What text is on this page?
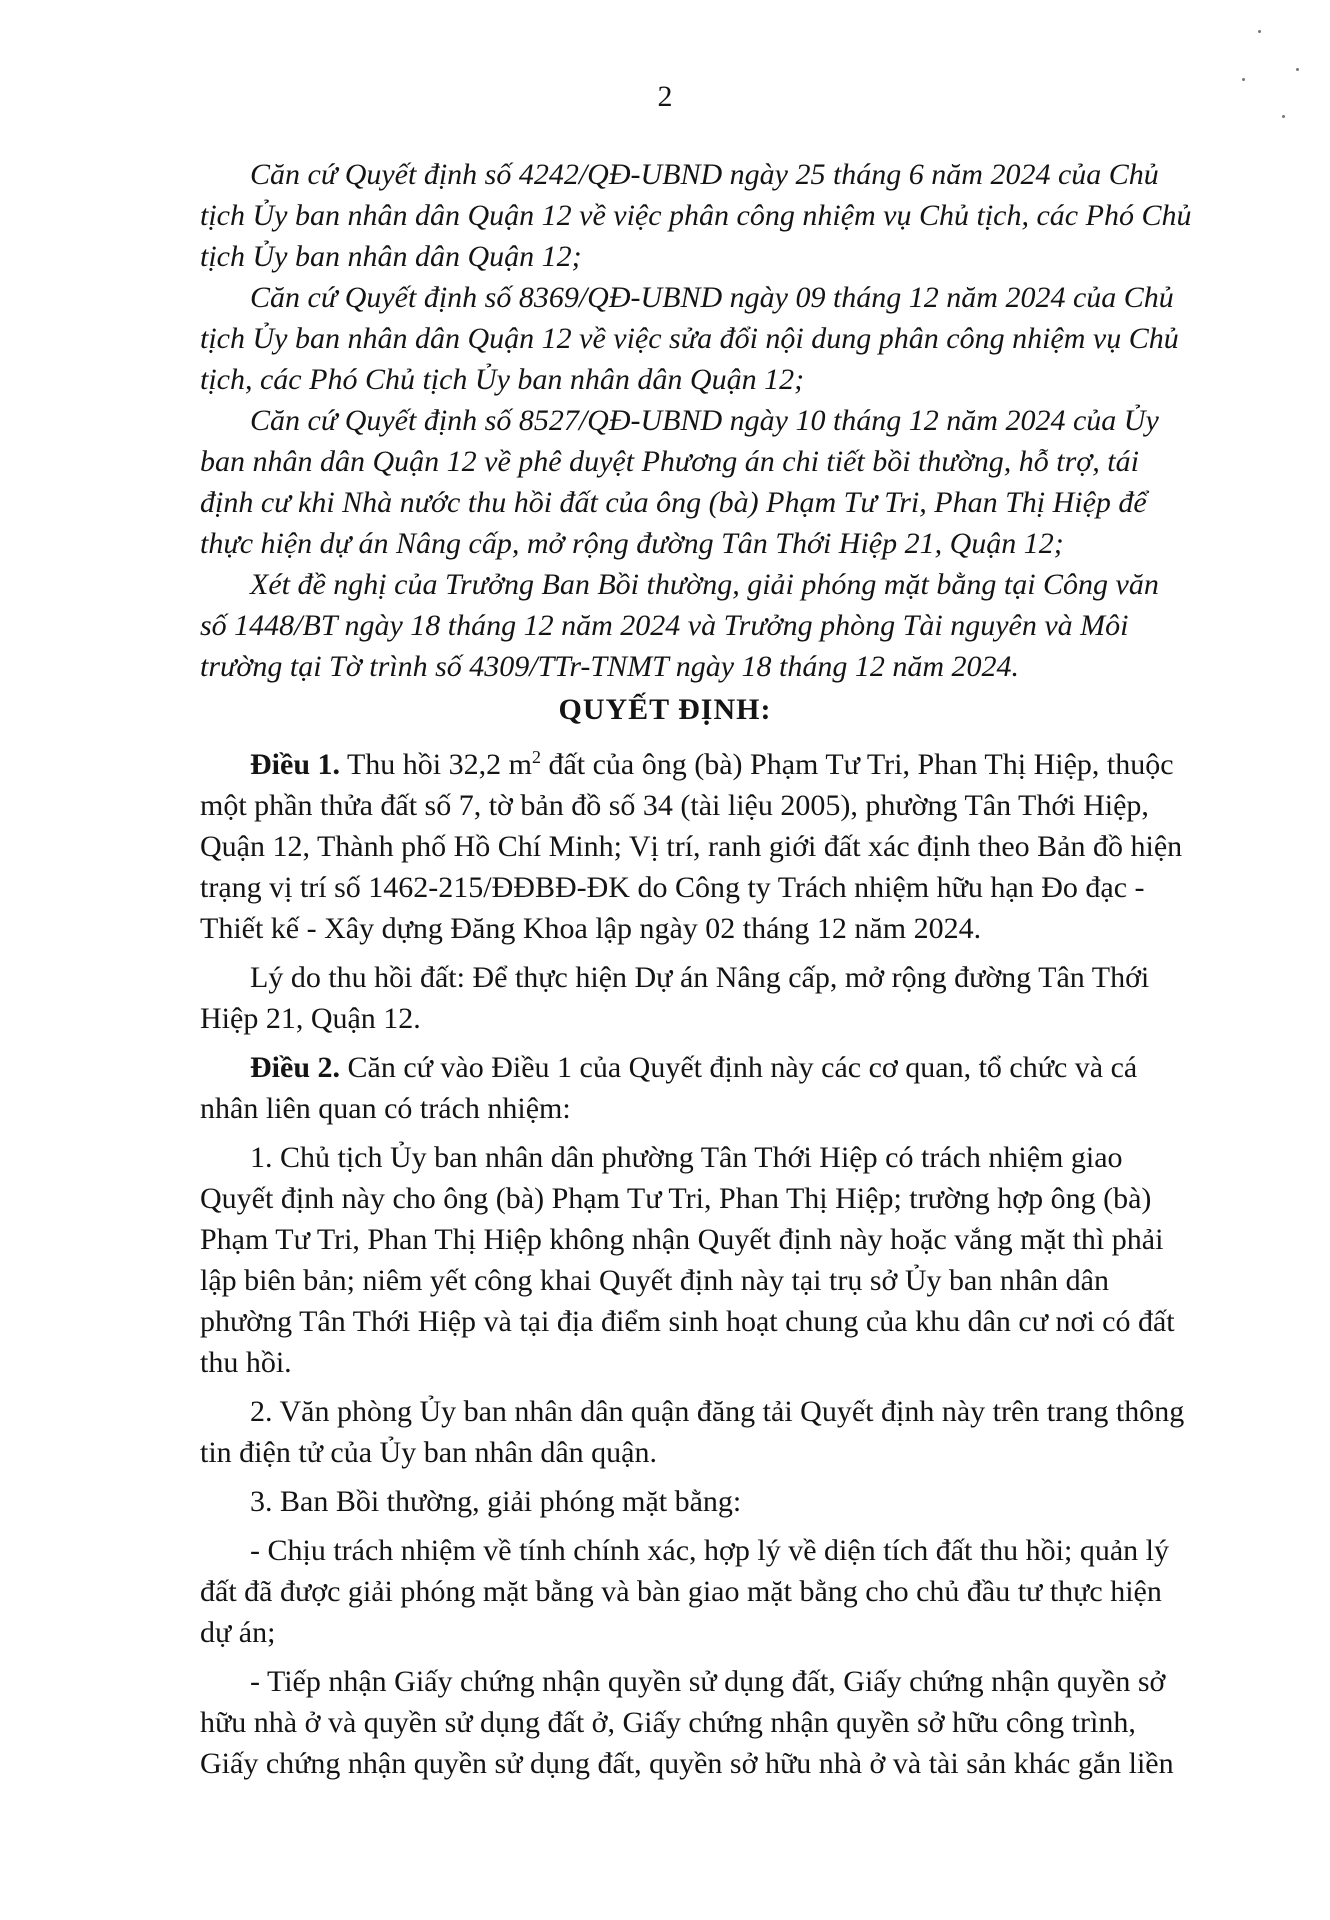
2
Căn cứ Quyết định số 4242/QĐ-UBND ngày 25 tháng 6 năm 2024 của Chủ
tịch Ủy ban nhân dân Quận 12 về việc phân công nhiệm vụ Chủ tịch, các Phó Chủ
tịch Ủy ban nhân dân Quận 12;
Căn cứ Quyết định số 8369/QĐ-UBND ngày 09 tháng 12 năm 2024 của Chủ
tịch Ủy ban nhân dân Quận 12 về việc sửa đổi nội dung phân công nhiệm vụ Chủ
tịch, các Phó Chủ tịch Ủy ban nhân dân Quận 12;
Căn cứ Quyết định số 8527/QĐ-UBND ngày 10 tháng 12 năm 2024 của Ủy
ban nhân dân Quận 12 về phê duyệt Phương án chi tiết bồi thường, hỗ trợ, tái
định cư khi Nhà nước thu hồi đất của ông (bà) Phạm Tư Tri, Phan Thị Hiệp để
thực hiện dự án Nâng cấp, mở rộng đường Tân Thới Hiệp 21, Quận 12;
Xét đề nghị của Trưởng Ban Bồi thường, giải phóng mặt bằng tại Công văn
số 1448/BT ngày 18 tháng 12 năm 2024 và Trưởng phòng Tài nguyên và Môi
trường tại Tờ trình số 4309/TTr-TNMT ngày 18 tháng 12 năm 2024.
QUYẾT ĐỊNH:
Điều 1. Thu hồi 32,2 $m^2$ đất của ông (bà) Phạm Tư Tri, Phan Thị Hiệp, thuộc
một phần thửa đất số 7, tờ bản đồ số 34 (tài liệu 2005), phường Tân Thới Hiệp,
Quận 12, Thành phố Hồ Chí Minh; Vị trí, ranh giới đất xác định theo Bản đồ hiện
trạng vị trí số 1462-215/ĐĐBĐ-ĐK do Công ty Trách nhiệm hữu hạn Đo đạc -
Thiết kế - Xây dựng Đăng Khoa lập ngày 02 tháng 12 năm 2024.
Lý do thu hồi đất: Để thực hiện Dự án Nâng cấp, mở rộng đường Tân Thới
Hiệp 21, Quận 12.
Điều 2. Căn cứ vào Điều 1 của Quyết định này các cơ quan, tổ chức và cá
nhân liên quan có trách nhiệm:
1. Chủ tịch Ủy ban nhân dân phường Tân Thới Hiệp có trách nhiệm giao
Quyết định này cho ông (bà) Phạm Tư Tri, Phan Thị Hiệp; trường hợp ông (bà)
Phạm Tư Tri, Phan Thị Hiệp không nhận Quyết định này hoặc vắng mặt thì phải
lập biên bản; niêm yết công khai Quyết định này tại trụ sở Ủy ban nhân dân
phường Tân Thới Hiệp và tại địa điểm sinh hoạt chung của khu dân cư nơi có đất
thu hồi.
2. Văn phòng Ủy ban nhân dân quận đăng tải Quyết định này trên trang thông
tin điện tử của Ủy ban nhân dân quận.
3. Ban Bồi thường, giải phóng mặt bằng:
- Chịu trách nhiệm về tính chính xác, hợp lý về diện tích đất thu hồi; quản lý
đất đã được giải phóng mặt bằng và bàn giao mặt bằng cho chủ đầu tư thực hiện
dự án;
- Tiếp nhận Giấy chứng nhận quyền sử dụng đất, Giấy chứng nhận quyền sở
hữu nhà ở và quyền sử dụng đất ở, Giấy chứng nhận quyền sở hữu công trình,
Giấy chứng nhận quyền sử dụng đất, quyền sở hữu nhà ở và tài sản khác gắn liền
